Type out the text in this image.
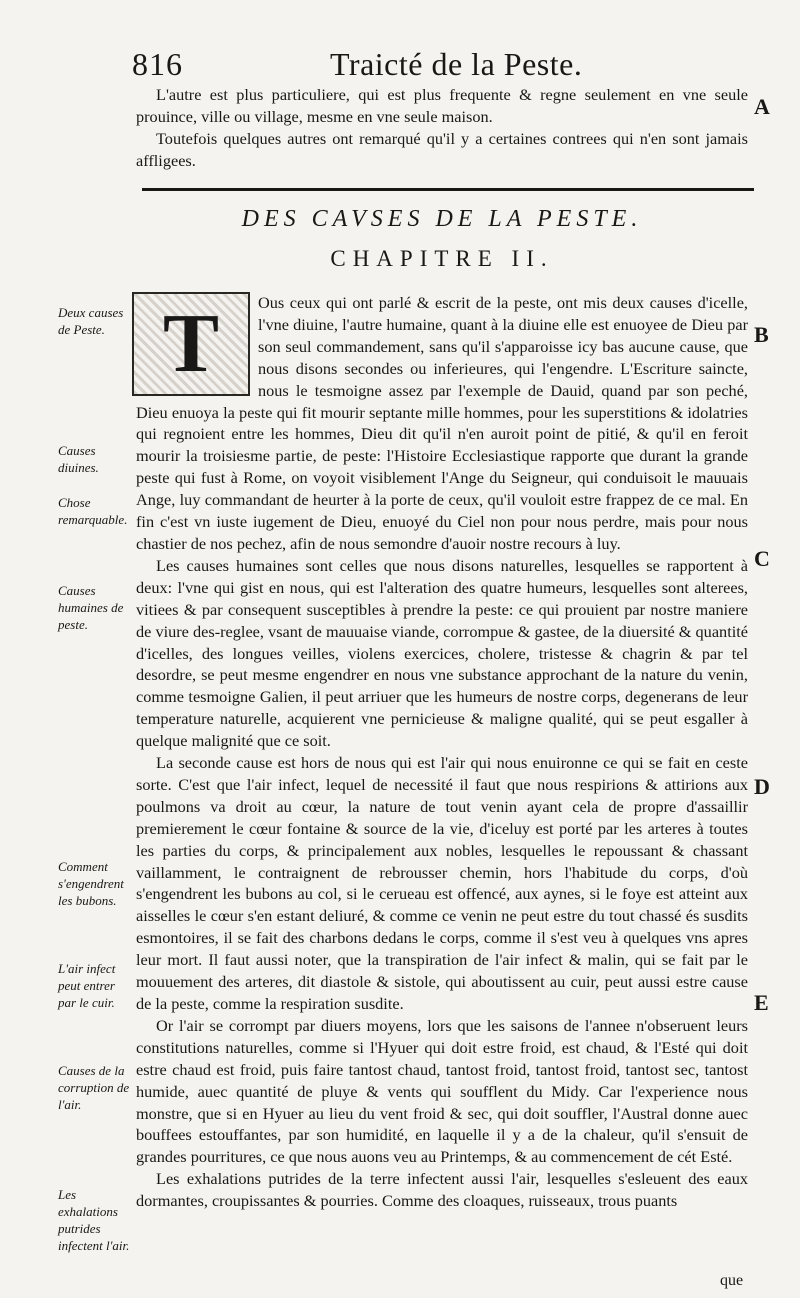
816	Traicté de la Peste.

L'autre est plus particuliere, qui est plus frequente & regne seulement en vne seule prouince, ville ou village, mesme en vne seule maison.

Toutefois quelques autres ont remarqué qu'il y a certaines contrees qui n'en sont jamais affligees.

DES CAVSES DE LA PESTE.
CHAPITRE II.
T	Ous ceux qui ont parlé & escrit de la peste, ont mis deux causes d'icelle, l'vne diuine, l'autre humaine, quant à la diuine elle est enuoyee de Dieu par son seul commandement, sans qu'il s'apparoisse icy bas aucune cause, que nous disons secondes ou inferieures, qui l'engendre. L'Escriture saincte, nous le tesmoigne assez par l'exemple de Dauid, quand par son peché, Dieu enuoya la peste qui fit mourir septante mille hommes, pour les superstitions & idolatries qui regnoient entre les hommes, Dieu dit qu'il n'en auroit point de pitié, & qu'il en feroit mourir la troisiesme partie, de peste: l'Histoire Ecclesiastique rapporte que durant la grande peste qui fust à Rome, on voyoit visiblement l'Ange du Seigneur, qui conduisoit le mauuais Ange, luy commandant de heurter à la porte de ceux, qu'il vouloit estre frappez de ce mal. En fin c'est vn iuste iugement de Dieu, enuoyé du Ciel non pour nous perdre, mais pour nous chastier de nos pechez, afin de nous semondre d'auoir nostre recours à luy.

Les causes humaines sont celles que nous disons naturelles, lesquelles se rapportent à deux: l'vne qui gist en nous, qui est l'alteration des quatre humeurs, lesquelles sont alterees, vitiees & par consequent susceptibles à prendre la peste: ce qui prouient par nostre maniere de viure des-reglee, vsant de mauuaise viande, corrompue & gastee, de la diuersité & quantité d'icelles, des longues veilles, violens exercices, cholere, tristesse & chagrin & par tel desordre, se peut mesme engendrer en nous vne substance approchant de la nature du venin, comme tesmoigne Galien, il peut arriuer que les humeurs de nostre corps, degenerans de leur temperature naturelle, acquierent vne pernicieuse & maligne qualité, qui se peut esgaller à quelque malignité que ce soit.

La seconde cause est hors de nous qui est l'air qui nous enuironne ce qui se fait en ceste sorte. C'est que l'air infect, lequel de necessité il faut que nous respirions & attirions aux poulmons va droit au cœur, la nature de tout venin ayant cela de propre d'assaillir premierement le cœur fontaine & source de la vie, d'iceluy est porté par les arteres à toutes les parties du corps, & principalement aux nobles, lesquelles le repoussant & chassant vaillamment, le contraignent de rebrousser chemin, hors l'habitude du corps, d'où s'engendrent les bubons au col, si le cerueau est offencé, aux aynes, si le foye est atteint aux aisselles le cœur s'en estant deliuré, & comme ce venin ne peut estre du tout chassé és susdits esmontoires, il se fait des charbons dedans le corps, comme il s'est veu à quelques vns apres leur mort. Il faut aussi noter, que la transpiration de l'air infect & malin, qui se fait par le mouuement des arteres, dit diastole & sistole, qui aboutissent au cuir, peut aussi estre cause de la peste, comme la respiration susdite.

Or l'air se corrompt par diuers moyens, lors que les saisons de l'annee n'obseruent leurs constitutions naturelles, comme si l'Hyuer qui doit estre froid, est chaud, & l'Esté qui doit estre chaud est froid, puis faire tantost chaud, tantost froid, tantost froid, tantost sec, tantost humide, auec quantité de pluye & vents qui soufflent du Midy. Car l'experience nous monstre, que si en Hyuer au lieu du vent froid & sec, qui doit souffler, l'Austral donne auec bouffees estouffantes, par son humidité, en laquelle il y a de la chaleur, qu'il s'ensuit de grandes pourritures, ce que nous auons veu au Printemps, & au commencement de cét Esté.

Les exhalations putrides de la terre infectent aussi l'air, lesquelles s'esleuent des eaux dormantes, croupissantes & pourries. Comme des cloaques, ruisseaux, trous puants

que
Deux causes de Peste.
Causes diuines.
Chose remarquable.
Causes humaines de peste.
Comment s'engendrent les bubons.
L'air infect peut entrer par le cuir.
Causes de la corruption de l'air.
Les exhalations putrides infectent l'air.
A
B
C
D
E
